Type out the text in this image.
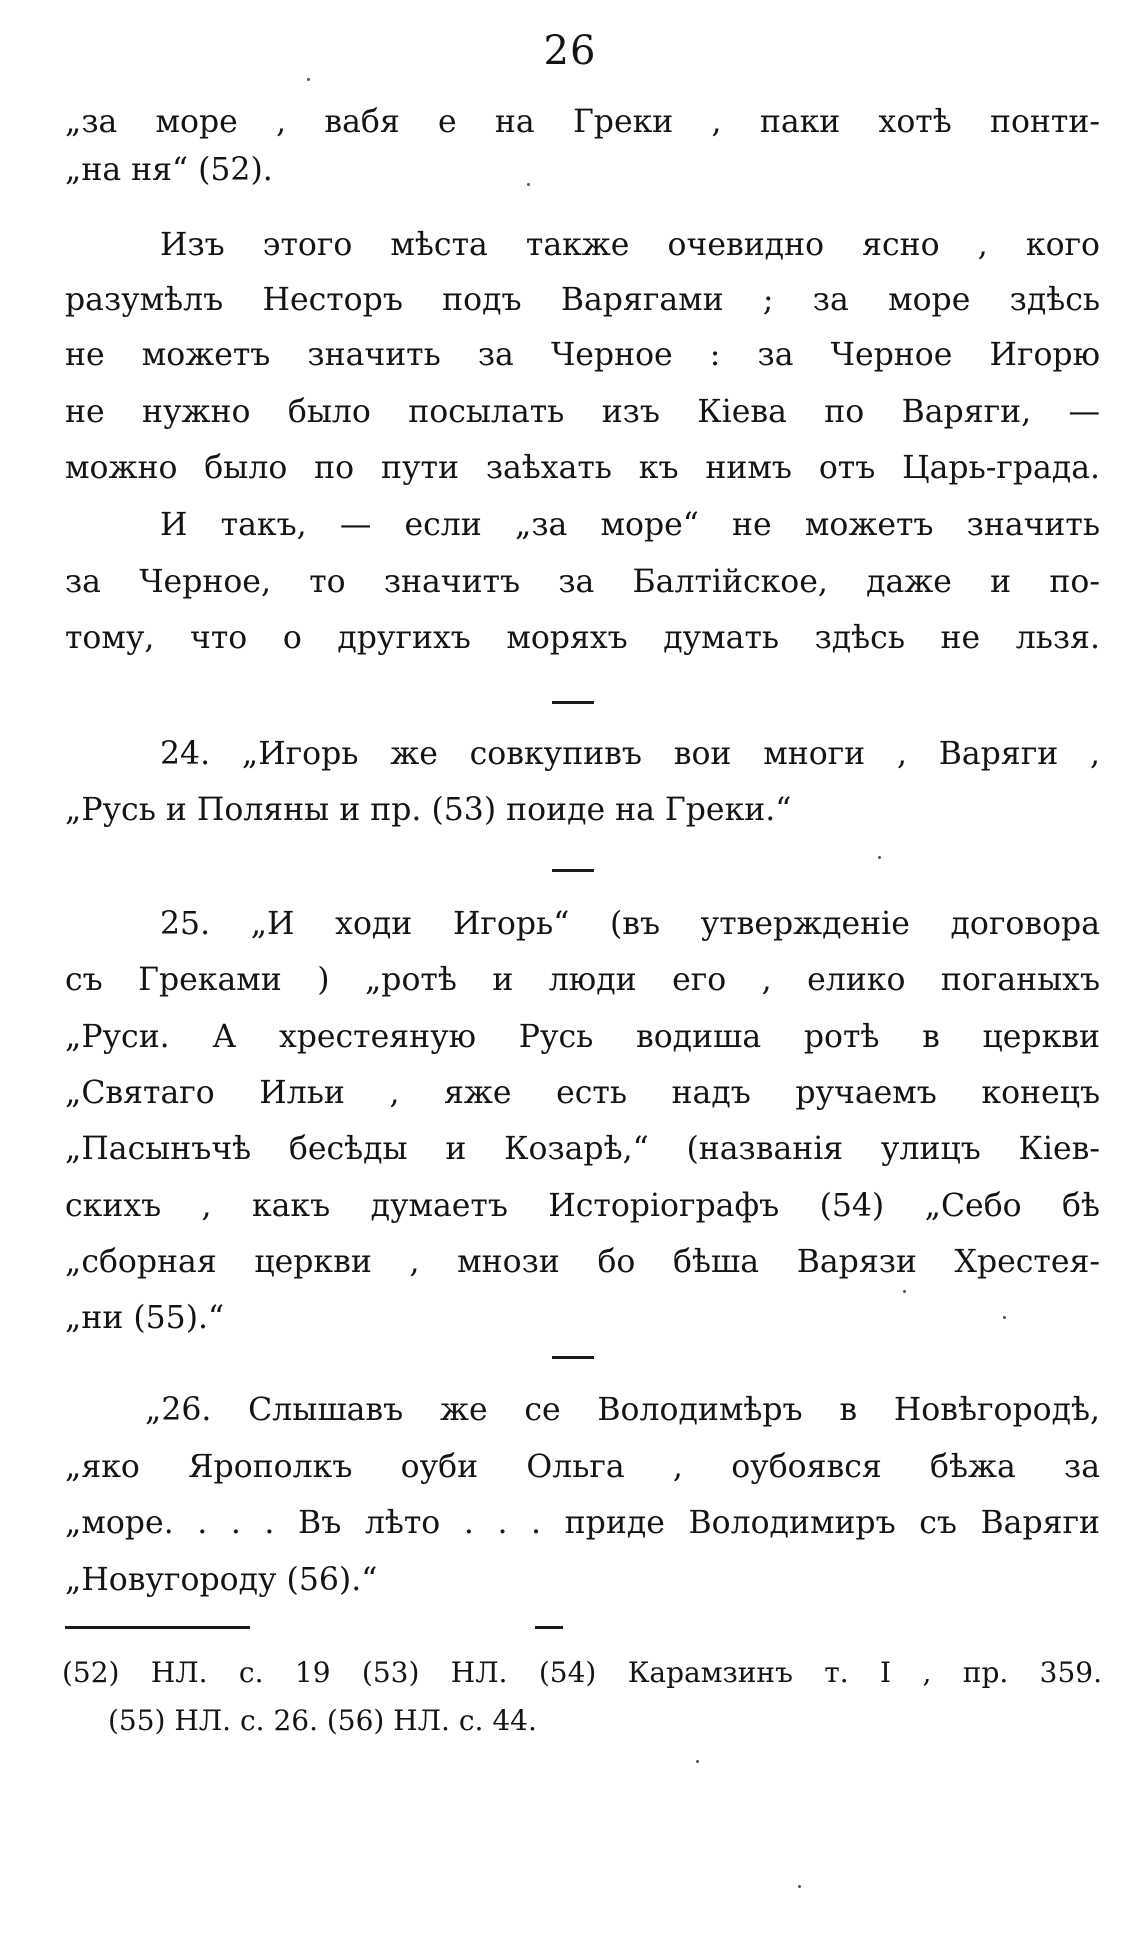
26
„за море , вабя е на Греки , паки хотѣ понти-
„на ня“ (52).
Изъ этого мѣста также очевидно ясно , кого
разумѣлъ Несторъ подъ Варягами ; за море здѣсь
не можетъ значить за Черное : за Черное Игорю
не нужно было посылать изъ Кіева по Варяги, —
можно было по пути заѣхать къ нимъ отъ Царь-града.
И такъ, — если „за море“ не можетъ значить
за Черное, то значитъ за Балтійское, даже и по-
тому, что о другихъ моряхъ думать здѣсь не льзя.
24. „Игорь же совкупивъ вои многи , Варяги ,
„Русь и Поляны и пр. (53) поиде на Греки.“
25. „И ходи Игорь“ (въ утвержденіе договора
съ Греками ) „ротѣ и люди его , елико поганыхъ
„Руси. А хрестеяную Русь водиша ротѣ в церкви
„Святаго Ильи , яже есть надъ ручаемъ конецъ
„Пасынъчѣ бесѣды и Козарѣ,“ (названія улицъ Кіев-
скихъ , какъ думаетъ Исторіографъ (54) „Себо бѣ
„сборная церкви , мнози бо бѣша Варязи Хрестея-
„ни (55).“
„26. Слышавъ же се Володимѣръ в Новѣгородѣ,
„яко Ярополкъ оуби Ольга , оубоявся бѣжа за
„море. . . . Въ лѣто . . . приде Володимиръ съ Варяги
„Новугороду (56).“
(52) НЛ. с. 19 (53) НЛ. (54) Карамзинъ т. I , пр. 359.
(55) НЛ. с. 26. (56) НЛ. с. 44.
